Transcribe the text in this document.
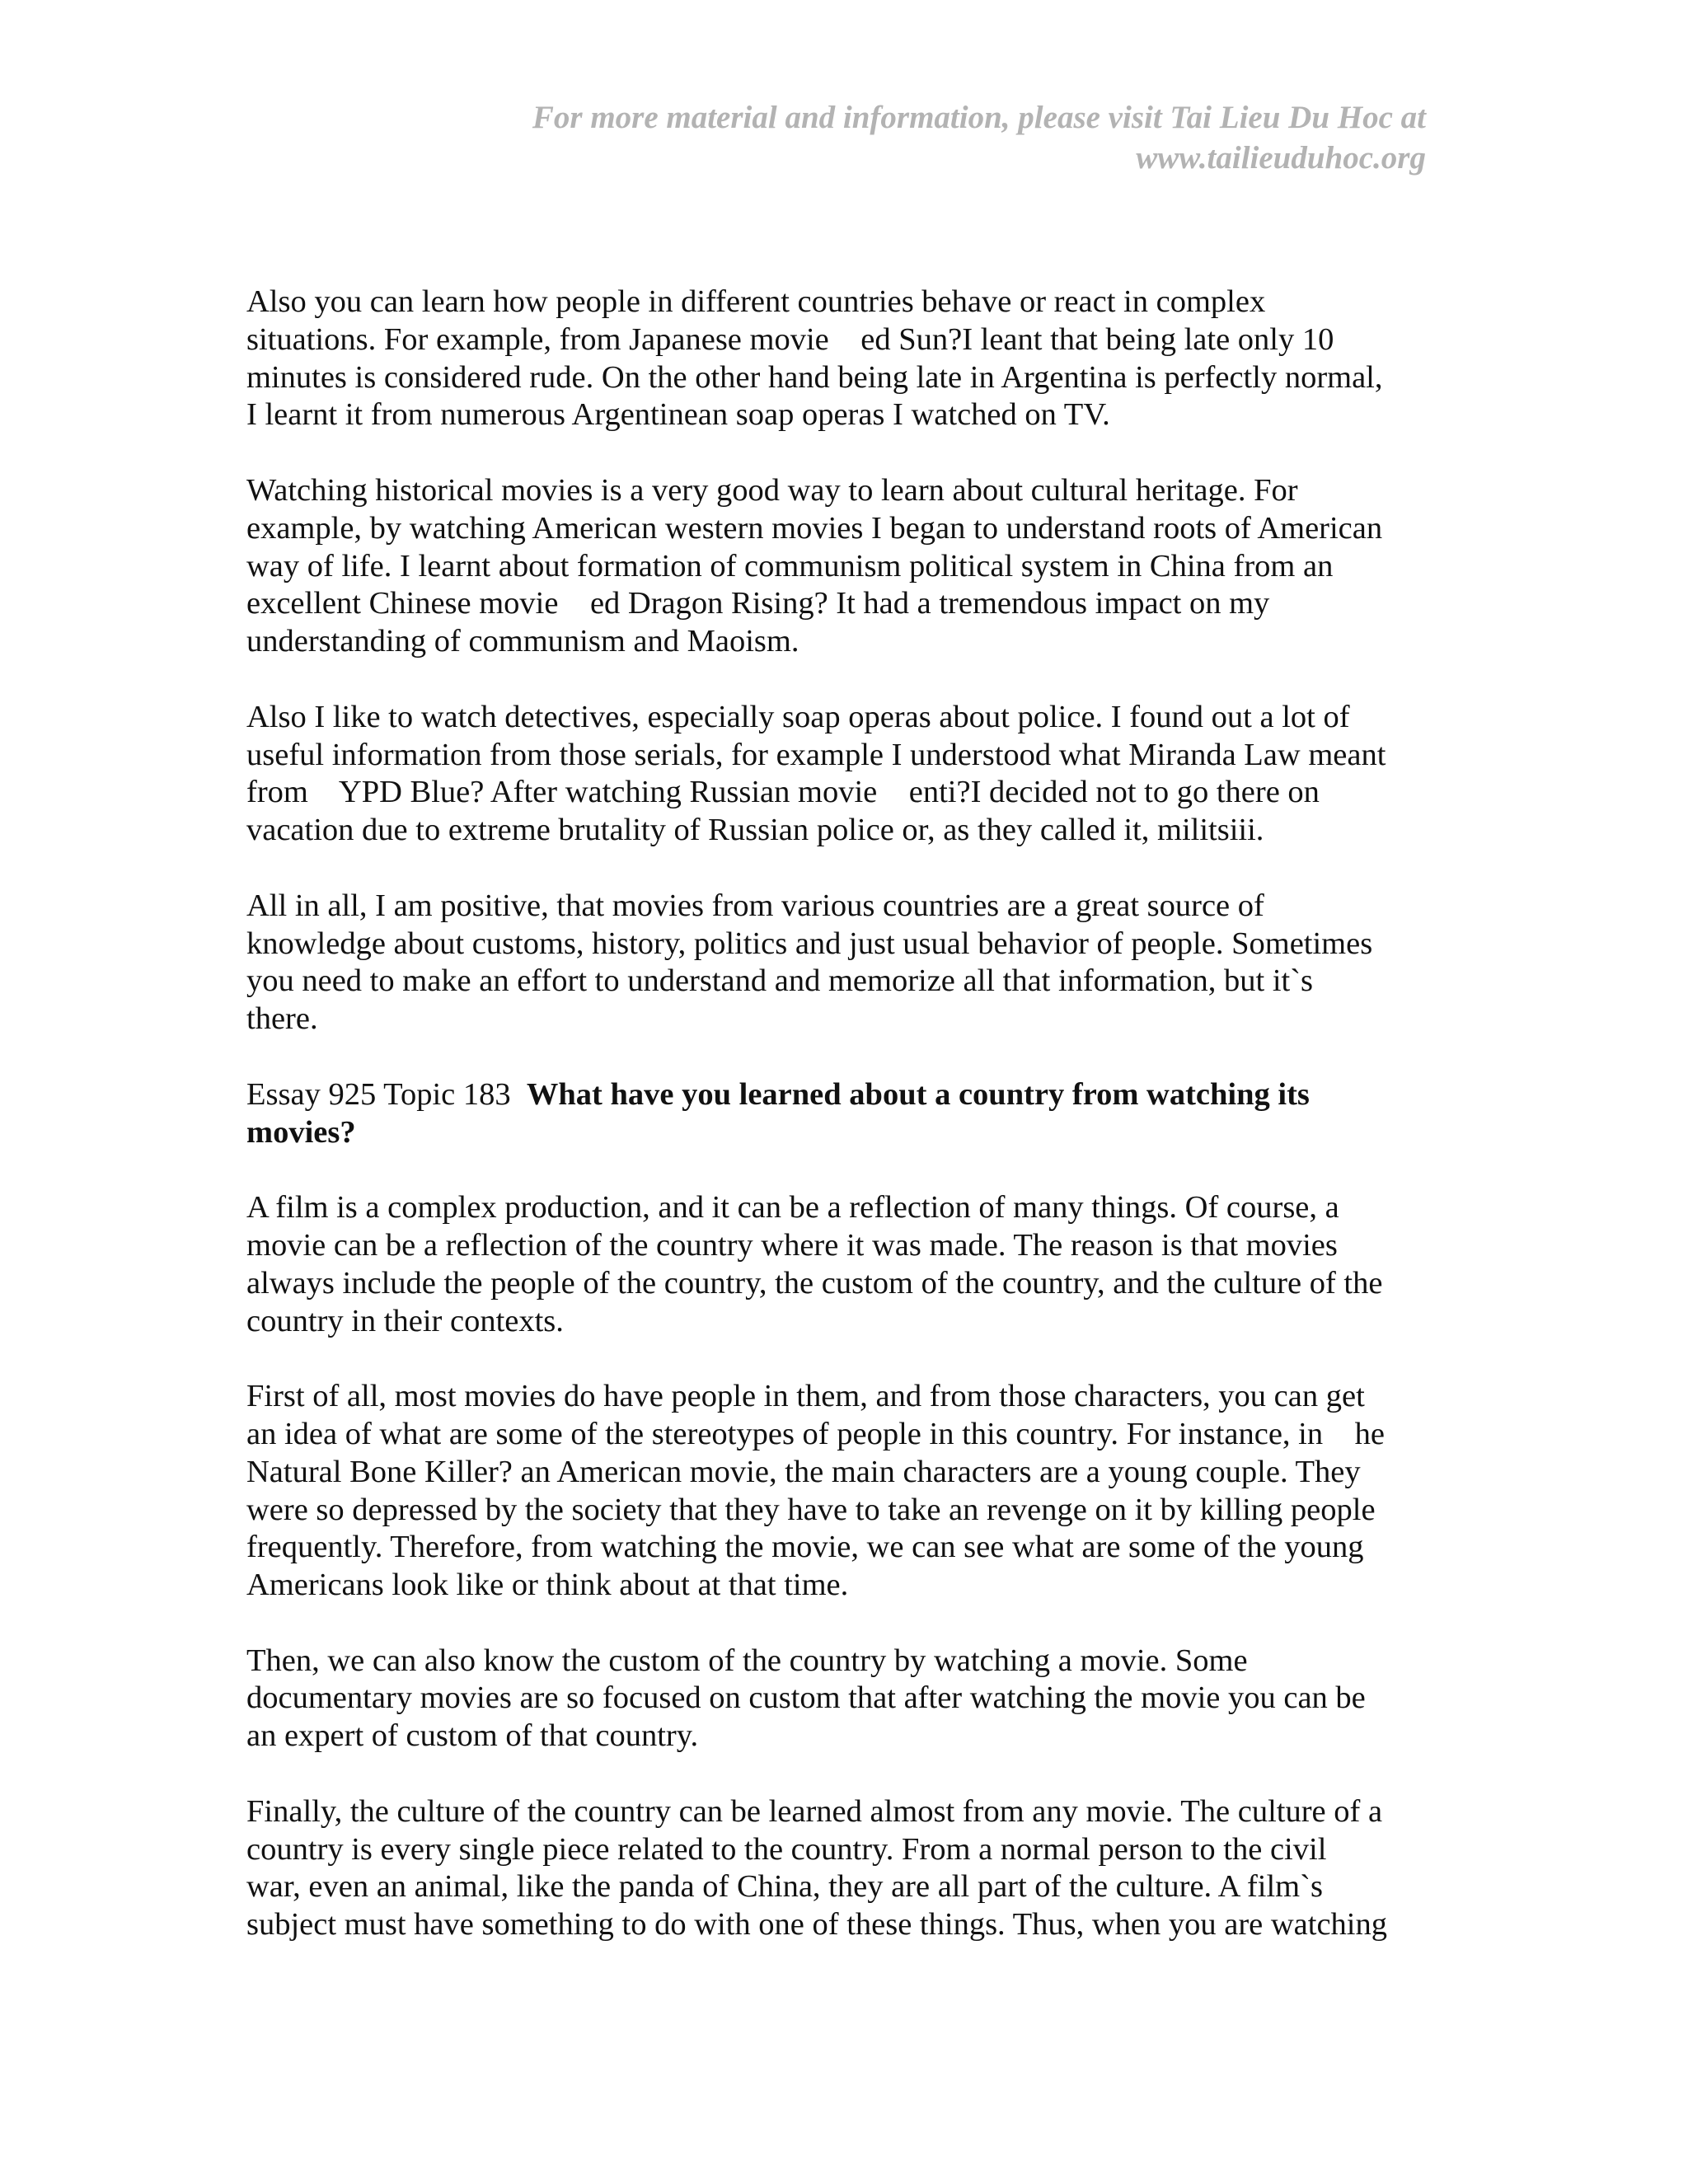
For more material and information, please visit Tai Lieu Du Hoc at
www.tailieuduhoc.org

Also you can learn how people in different countries behave or react in complex
situations. For example, from Japanese movie    ed Sun?I leant that being late only 10
minutes is considered rude. On the other hand being late in Argentina is perfectly normal,
I learnt it from numerous Argentinean soap operas I watched on TV.

Watching historical movies is a very good way to learn about cultural heritage. For
example, by watching American western movies I began to understand roots of American
way of life. I learnt about formation of communism political system in China from an
excellent Chinese movie    ed Dragon Rising? It had a tremendous impact on my
understanding of communism and Maoism.

Also I like to watch detectives, especially soap operas about police. I found out a lot of
useful information from those serials, for example I understood what Miranda Law meant
from    YPD Blue? After watching Russian movie    enti?I decided not to go there on
vacation due to extreme brutality of Russian police or, as they called it, militsiii.

All in all, I am positive, that movies from various countries are a great source of
knowledge about customs, history, politics and just usual behavior of people. Sometimes
you need to make an effort to understand and memorize all that information, but it`s
there.

Essay 925 Topic 183  What have you learned about a country from watching its
movies?

A film is a complex production, and it can be a reflection of many things. Of course, a
movie can be a reflection of the country where it was made. The reason is that movies
always include the people of the country, the custom of the country, and the culture of the
country in their contexts.

First of all, most movies do have people in them, and from those characters, you can get
an idea of what are some of the stereotypes of people in this country. For instance, in    he
Natural Bone Killer? an American movie, the main characters are a young couple. They
were so depressed by the society that they have to take an revenge on it by killing people
frequently. Therefore, from watching the movie, we can see what are some of the young
Americans look like or think about at that time.

Then, we can also know the custom of the country by watching a movie. Some
documentary movies are so focused on custom that after watching the movie you can be
an expert of custom of that country.

Finally, the culture of the country can be learned almost from any movie. The culture of a
country is every single piece related to the country. From a normal person to the civil
war, even an animal, like the panda of China, they are all part of the culture. A film`s
subject must have something to do with one of these things. Thus, when you are watching
